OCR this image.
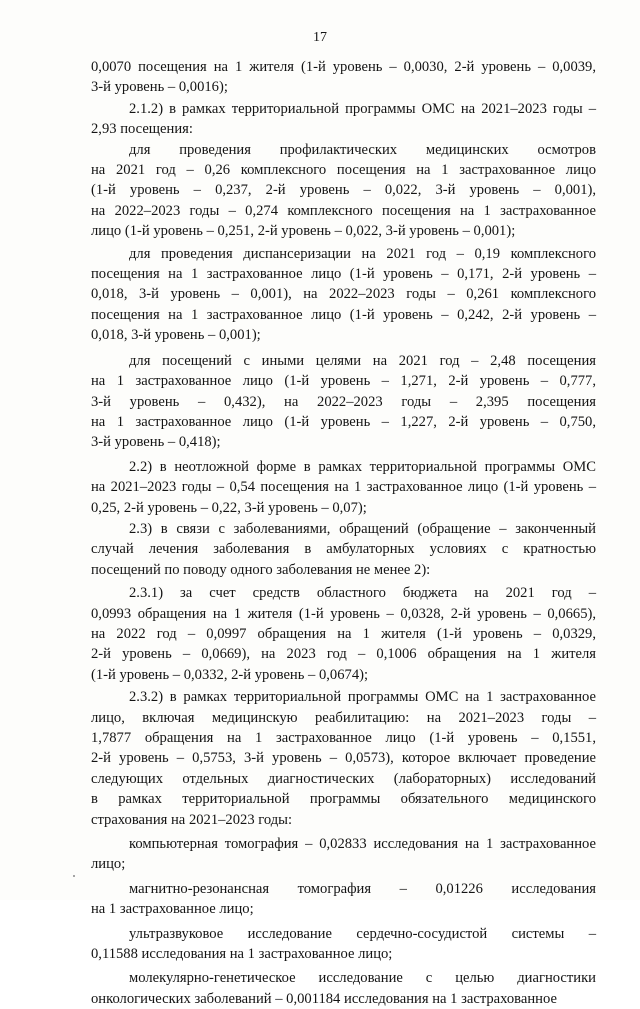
17
0,0070 посещения на 1 жителя (1-й уровень – 0,0030, 2-й уровень – 0,0039,
3-й уровень – 0,0016);
2.1.2) в рамках территориальной программы ОМС на 2021–2023 годы –
2,93 посещения:
для проведения профилактических медицинских осмотров
на 2021 год – 0,26 комплексного посещения на 1 застрахованное лицо
(1-й уровень – 0,237, 2-й уровень – 0,022, 3-й уровень – 0,001),
на 2022–2023 годы – 0,274 комплексного посещения на 1 застрахованное
лицо (1-й уровень – 0,251, 2-й уровень – 0,022, 3-й уровень – 0,001);
для проведения диспансеризации на 2021 год – 0,19 комплексного
посещения на 1 застрахованное лицо (1-й уровень – 0,171, 2-й уровень –
0,018, 3-й уровень – 0,001), на 2022–2023 годы – 0,261 комплексного
посещения на 1 застрахованное лицо (1-й уровень – 0,242, 2-й уровень –
0,018, 3-й уровень – 0,001);
для посещений с иными целями на 2021 год – 2,48 посещения
на 1 застрахованное лицо (1-й уровень – 1,271, 2-й уровень – 0,777,
3-й уровень – 0,432), на 2022–2023 годы – 2,395 посещения
на 1 застрахованное лицо (1-й уровень – 1,227, 2-й уровень – 0,750,
3-й уровень – 0,418);
2.2) в неотложной форме в рамках территориальной программы ОМС
на 2021–2023 годы – 0,54 посещения на 1 застрахованное лицо (1-й уровень –
0,25, 2-й уровень – 0,22, 3-й уровень – 0,07);
2.3) в связи с заболеваниями, обращений (обращение – законченный
случай лечения заболевания в амбулаторных условиях с кратностью
посещений по поводу одного заболевания не менее 2):
2.3.1) за счет средств областного бюджета на 2021 год –
0,0993 обращения на 1 жителя (1-й уровень – 0,0328, 2-й уровень – 0,0665),
на 2022 год – 0,0997 обращения на 1 жителя (1-й уровень – 0,0329,
2-й уровень – 0,0669), на 2023 год – 0,1006 обращения на 1 жителя
(1-й уровень – 0,0332, 2-й уровень – 0,0674);
2.3.2) в рамках территориальной программы ОМС на 1 застрахованное
лицо, включая медицинскую реабилитацию: на 2021–2023 годы –
1,7877 обращения на 1 застрахованное лицо (1-й уровень – 0,1551,
2-й уровень – 0,5753, 3-й уровень – 0,0573), которое включает проведение
следующих отдельных диагностических (лабораторных) исследований
в рамках территориальной программы обязательного медицинского
страхования на 2021–2023 годы:
компьютерная томография – 0,02833 исследования на 1 застрахованное
лицо;
магнитно-резонансная томография – 0,01226 исследования
на 1 застрахованное лицо;
ультразвуковое исследование сердечно-сосудистой системы –
0,11588 исследования на 1 застрахованное лицо;
молекулярно-генетическое исследование с целью диагностики
онкологических заболеваний – 0,001184 исследования на 1 застрахованное
